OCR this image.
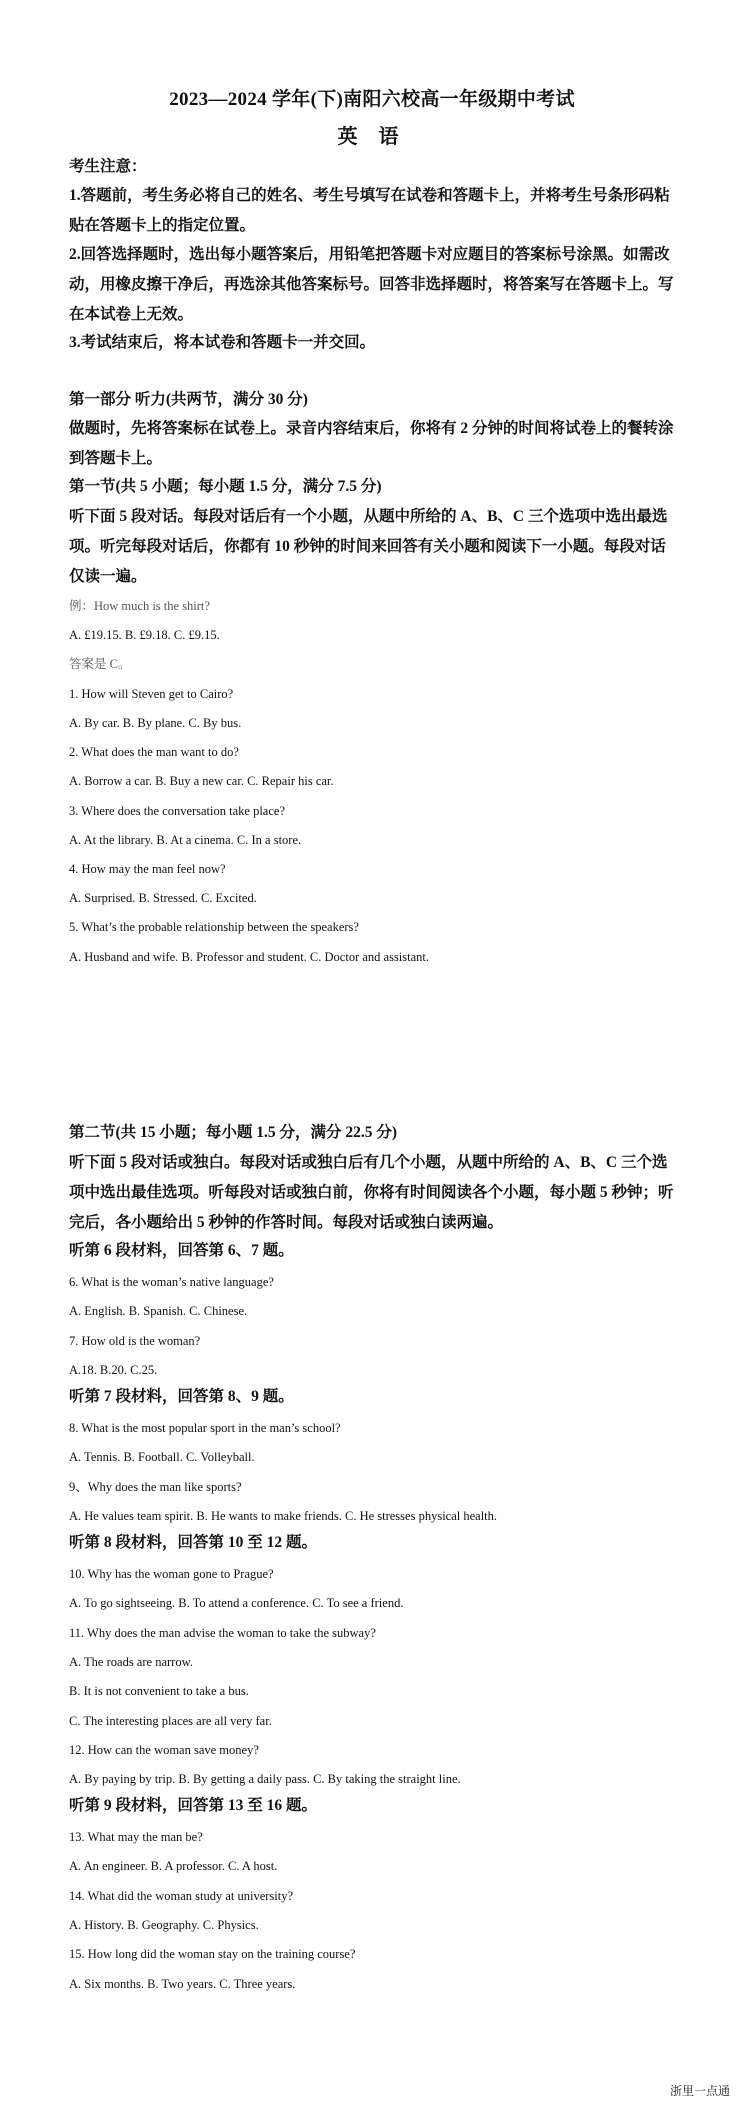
2023—2024 学年(下)南阳六校高一年级期中考试
英 语

考生注意：

1.答题前，考生务必将自己的姓名、考生号填写在试卷和答题卡上，并将考生号条形码粘贴在答题卡上的指定位置。

2.回答选择题时，选出每小题答案后，用铅笔把答题卡对应题目的答案标号涂黑。如需改动，用橡皮擦干净后，再选涂其他答案标号。回答非选择题时，将答案写在答题卡上。写在本试卷上无效。

3.考试结束后，将本试卷和答题卡一并交回。

第一部分 听力(共两节，满分 30 分)

做题时，先将答案标在试卷上。录音内容结束后，你将有 2 分钟的时间将试卷上的餐转涂到答题卡上。

第一节(共 5 小题；每小题 1.5 分，满分 7.5 分)

听下面 5 段对话。每段对话后有一个小题，从题中所给的 A、B、C 三个选项中选出最选项。听完每段对话后，你都有 10 秒钟的时间来回答有关小题和阅读下一小题。每段对话仅读一遍。

例：How much is the shirt?

A. £19.15. B. £9.18. C. £9.15.

答案是 C。

1. How will Steven get to Cairo?

A. By car. B. By plane. C. By bus.

2. What does the man want to do?

A. Borrow a car. B. Buy a new car. C. Repair his car.

3. Where does the conversation take place?

A. At the library. B. At a cinema. C. In a store.

4. How may the man feel now?

A. Surprised. B. Stressed. C. Excited.

5. What’s the probable relationship between the speakers?

A. Husband and wife. B. Professor and student. C. Doctor and assistant.

第二节(共 15 小题；每小题 1.5 分，满分 22.5 分)

听下面 5 段对话或独白。每段对话或独白后有几个小题，从题中所给的 A、B、C 三个选项中选出最佳选项。听每段对话或独白前，你将有时间阅读各个小题，每小题 5 秒钟；听完后，各小题给出 5 秒钟的作答时间。每段对话或独白读两遍。

听第 6 段材料，回答第 6、7 题。

6. What is the woman’s native language?

A. English. B. Spanish. C. Chinese.

7. How old is the woman?

A.18. B.20. C.25.

听第 7 段材料，回答第 8、9 题。

8. What is the most popular sport in the man’s school?

A. Tennis. B. Football. C. Volleyball.

9、Why does the man like sports?

A. He values team spirit. B. He wants to make friends. C. He stresses physical health.

听第 8 段材料，回答第 10 至 12 题。

10. Why has the woman gone to Prague?

A. To go sightseeing. B. To attend a conference. C. To see a friend.

11. Why does the man advise the woman to take the subway?

A. The roads are narrow.

B. It is not convenient to take a bus.

C. The interesting places are all very far.

12. How can the woman save money?

A. By paying by trip. B. By getting a daily pass. C. By taking the straight line.

听第 9 段材料，回答第 13 至 16 题。

13. What may the man be?

A. An engineer. B. A professor. C. A host.

14. What did the woman study at university?

A. History. B. Geography. C. Physics.

15. How long did the woman stay on the training course?

A. Six months. B. Two years. C. Three years.

浙里一点通
